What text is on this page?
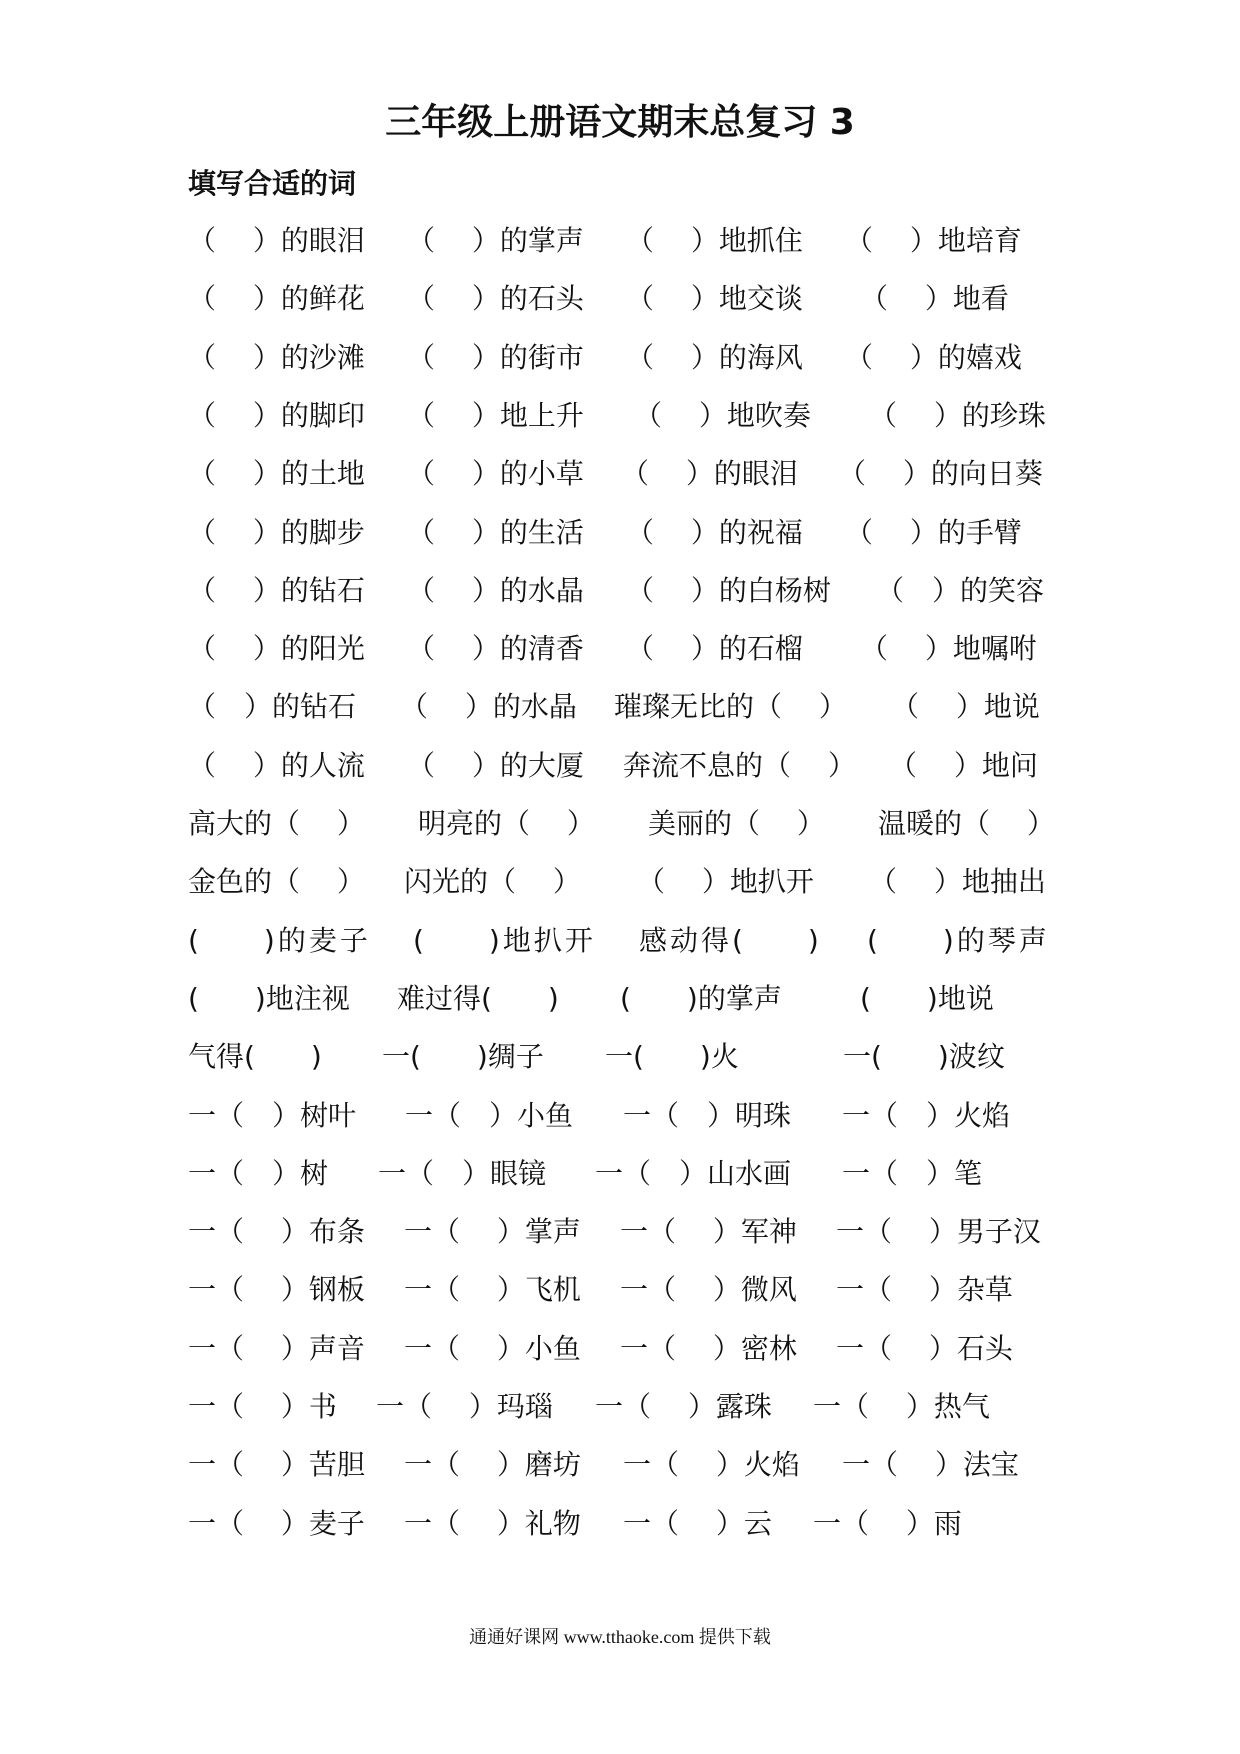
三年级上册语文期末总复习 3
填写合适的词
（　 ）的眼泪 （　 ）的掌声 （　 ）地抓住 （　 ）地培育
（　 ）的鲜花 （　 ）的石头 （　 ）地交谈 （　 ）地看
（　 ）的沙滩 （　 ）的街市 （　 ）的海风 （　 ）的嬉戏
（　 ）的脚印 （　 ）地上升 （　 ）地吹奏 （　 ）的珍珠
（　 ）的土地 （　 ）的小草 （　 ）的眼泪 （　 ）的向日葵
（　 ）的脚步 （　 ）的生活 （　 ）的祝福 （　 ）的手臂
（　 ）的钻石 （　 ）的水晶 （　 ）的白杨树 （　）的笑容
（　 ）的阳光 （　 ）的清香 （　 ）的石榴 （　 ）地嘱咐
（　）的钻石 （　 ）的水晶 璀璨无比的（　 ） （　 ）地说
（　 ）的人流 （　 ）的大厦 奔流不息的（　 ） （　 ）地问
高大的（　 ） 明亮的（　 ） 美丽的（　 ） 温暖的（　 ）
金色的（　 ） 闪光的（　 ） （　 ）地扒开 （　 ）地抽出
(　　)的麦子 (　　)地扒开 感动得(　　) (　　)的琴声
(　　)地注视 难过得(　　) (　　)的掌声	(　　)地说
气得(　　) 一(　　)绸子 一(　　)火	一(　　)波纹
一（　）树叶 一（　）小鱼 一（　）明珠 一（　）火焰
一（　）树 一（　）眼镜 一（　）山水画 一（　）笔
一（　 ）布条 一（　 ）掌声 一（　 ）军神 一（　 ）男子汉
一（　 ）钢板 一（　 ）飞机 一（　 ）微风 一（　 ）杂草
一（　 ）声音 一（　 ）小鱼 一（　 ）密林 一（　 ）石头
一（　 ）书 一（　 ）玛瑙 一（　 ）露珠 一（　 ）热气
一（　 ）苦胆 一（　 ）磨坊 一（　 ）火焰 一（　 ）法宝
一（　 ）麦子 一（　 ）礼物 一（　 ）云 一（　 ）雨
通通好课网 www.tthaoke.com 提供下载
